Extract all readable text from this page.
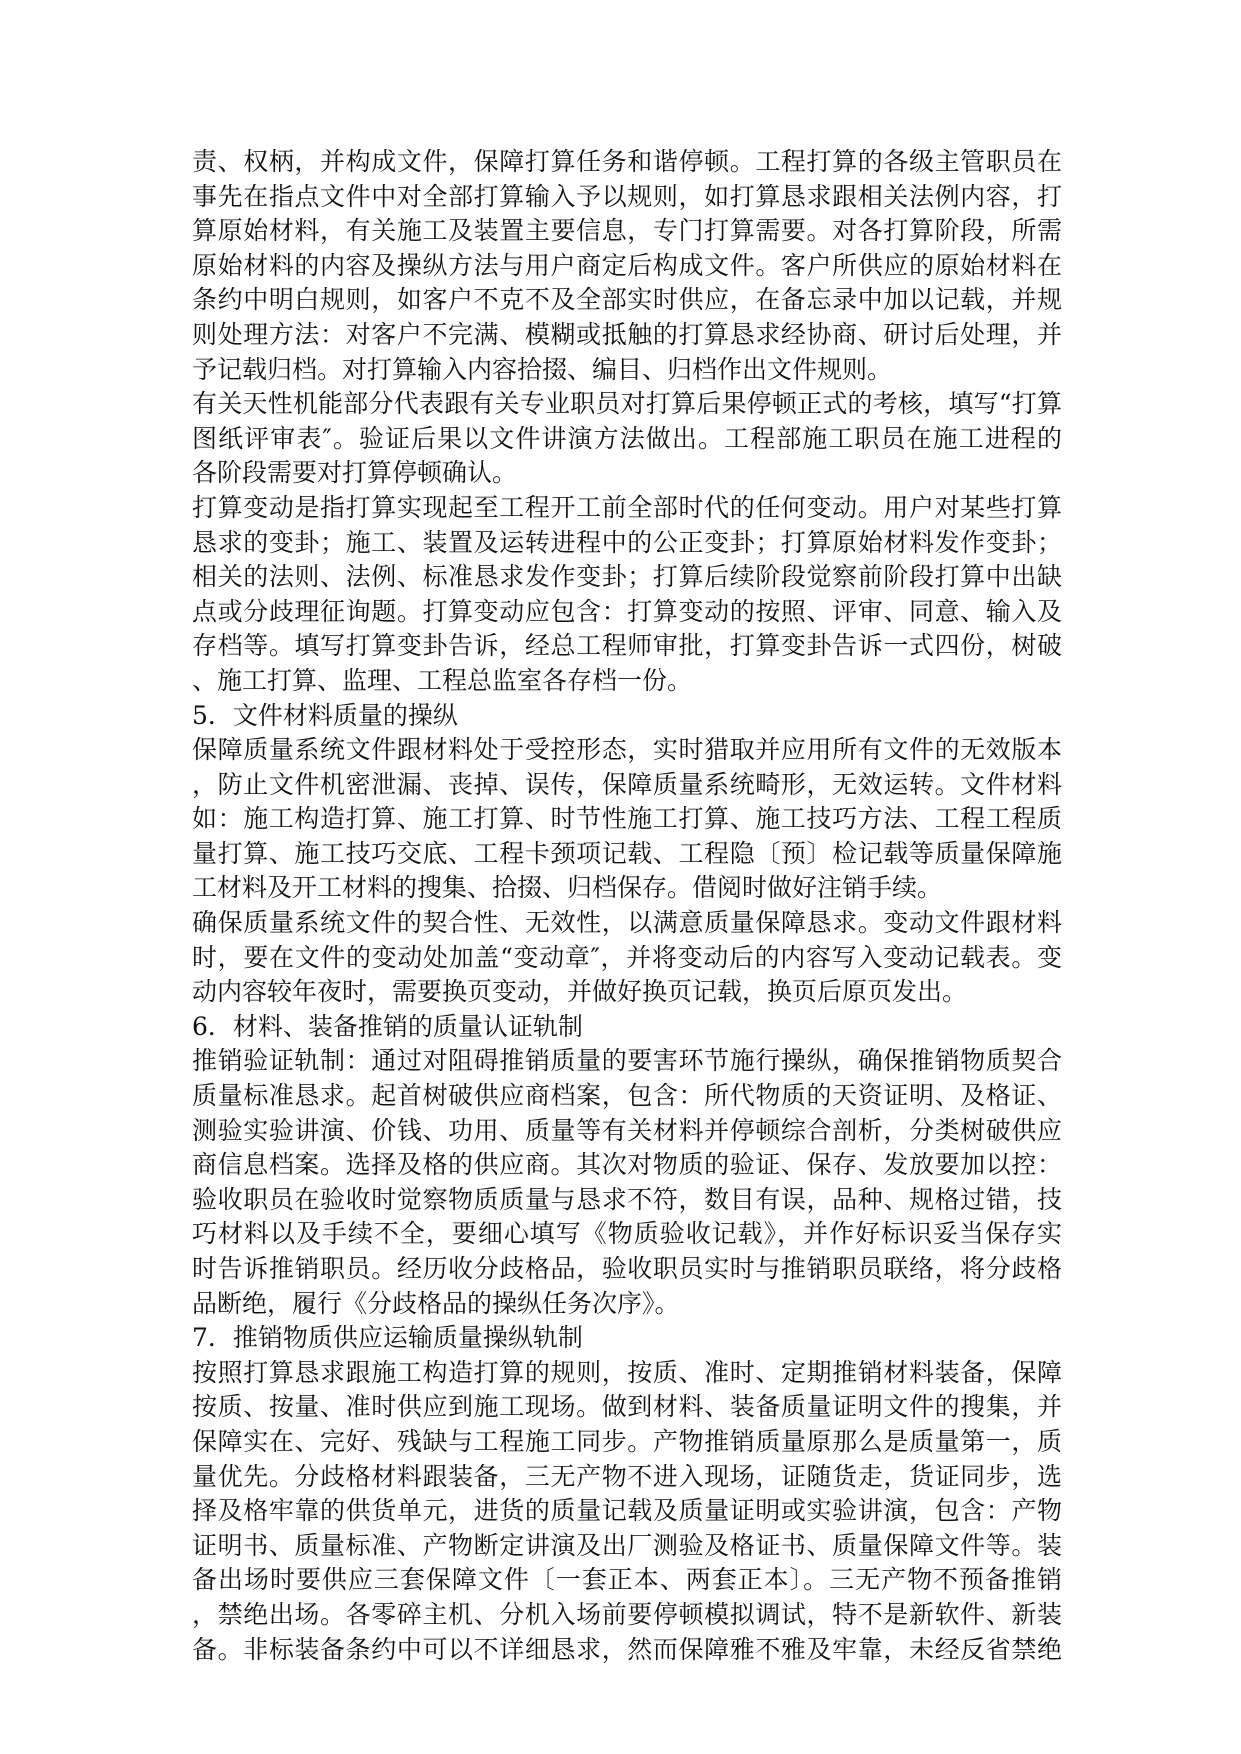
责、权柄，并构成文件，保障打算任务和谐停顿。工程打算的各级主管职员在
事先在指点文件中对全部打算输入予以规则，如打算恳求跟相关法例内容，打
算原始材料，有关施工及装置主要信息，专门打算需要。对各打算阶段，所需
原始材料的内容及操纵方法与用户商定后构成文件。客户所供应的原始材料在
条约中明白规则，如客户不克不及全部实时供应，在备忘录中加以记载，并规
则处理方法：对客户不完满、模糊或抵触的打算恳求经协商、研讨后处理，并
予记载归档。对打算输入内容拾掇、编目、归档作出文件规则。
有关天性机能部分代表跟有关专业职员对打算后果停顿正式的考核，填写“打算
图纸评审表″。验证后果以文件讲演方法做出。工程部施工职员在施工进程的
各阶段需要对打算停顿确认。
打算变动是指打算实现起至工程开工前全部时代的任何变动。用户对某些打算
恳求的变卦；施工、装置及运转进程中的公正变卦；打算原始材料发作变卦；
相关的法则、法例、标准恳求发作变卦；打算后续阶段觉察前阶段打算中出缺
点或分歧理征询题。打算变动应包含：打算变动的按照、评审、同意、输入及
存档等。填写打算变卦告诉，经总工程师审批，打算变卦告诉一式四份，树破
、施工打算、监理、工程总监室各存档一份。
5．文件材料质量的操纵
保障质量系统文件跟材料处于受控形态，实时猎取并应用所有文件的无效版本
，防止文件机密泄漏、丧掉、误传，保障质量系统畸形，无效运转。文件材料
如：施工构造打算、施工打算、时节性施工打算、施工技巧方法、工程工程质
量打算、施工技巧交底、工程卡颈项记载、工程隐〔预〕检记载等质量保障施
工材料及开工材料的搜集、拾掇、归档保存。借阅时做好注销手续。
确保质量系统文件的契合性、无效性，以满意质量保障恳求。变动文件跟材料
时，要在文件的变动处加盖“变动章″，并将变动后的内容写入变动记载表。变
动内容较年夜时，需要换页变动，并做好换页记载，换页后原页发出。
6．材料、装备推销的质量认证轨制
推销验证轨制：通过对阻碍推销质量的要害环节施行操纵，确保推销物质契合
质量标准恳求。起首树破供应商档案，包含：所代物质的天资证明、及格证、
测验实验讲演、价钱、功用、质量等有关材料并停顿综合剖析，分类树破供应
商信息档案。选择及格的供应商。其次对物质的验证、保存、发放要加以控：
验收职员在验收时觉察物质质量与恳求不符，数目有误，品种、规格过错，技
巧材料以及手续不全，要细心填写《物质验收记载》，并作好标识妥当保存实
时告诉推销职员。经历收分歧格品，验收职员实时与推销职员联络，将分歧格
品断绝，履行《分歧格品的操纵任务次序》。
7．推销物质供应运输质量操纵轨制
按照打算恳求跟施工构造打算的规则，按质、准时、定期推销材料装备，保障
按质、按量、准时供应到施工现场。做到材料、装备质量证明文件的搜集，并
保障实在、完好、残缺与工程施工同步。产物推销质量原那么是质量第一，质
量优先。分歧格材料跟装备，三无产物不进入现场，证随货走，货证同步，选
择及格牢靠的供货单元，进货的质量记载及质量证明或实验讲演，包含：产物
证明书、质量标准、产物断定讲演及出厂测验及格证书、质量保障文件等。装
备出场时要供应三套保障文件〔一套正本、两套正本〕。三无产物不预备推销
，禁绝出场。各零碎主机、分机入场前要停顿模拟调试，特不是新软件、新装
备。非标装备条约中可以不详细恳求，然而保障雅不雅及牢靠，未经反省禁绝
